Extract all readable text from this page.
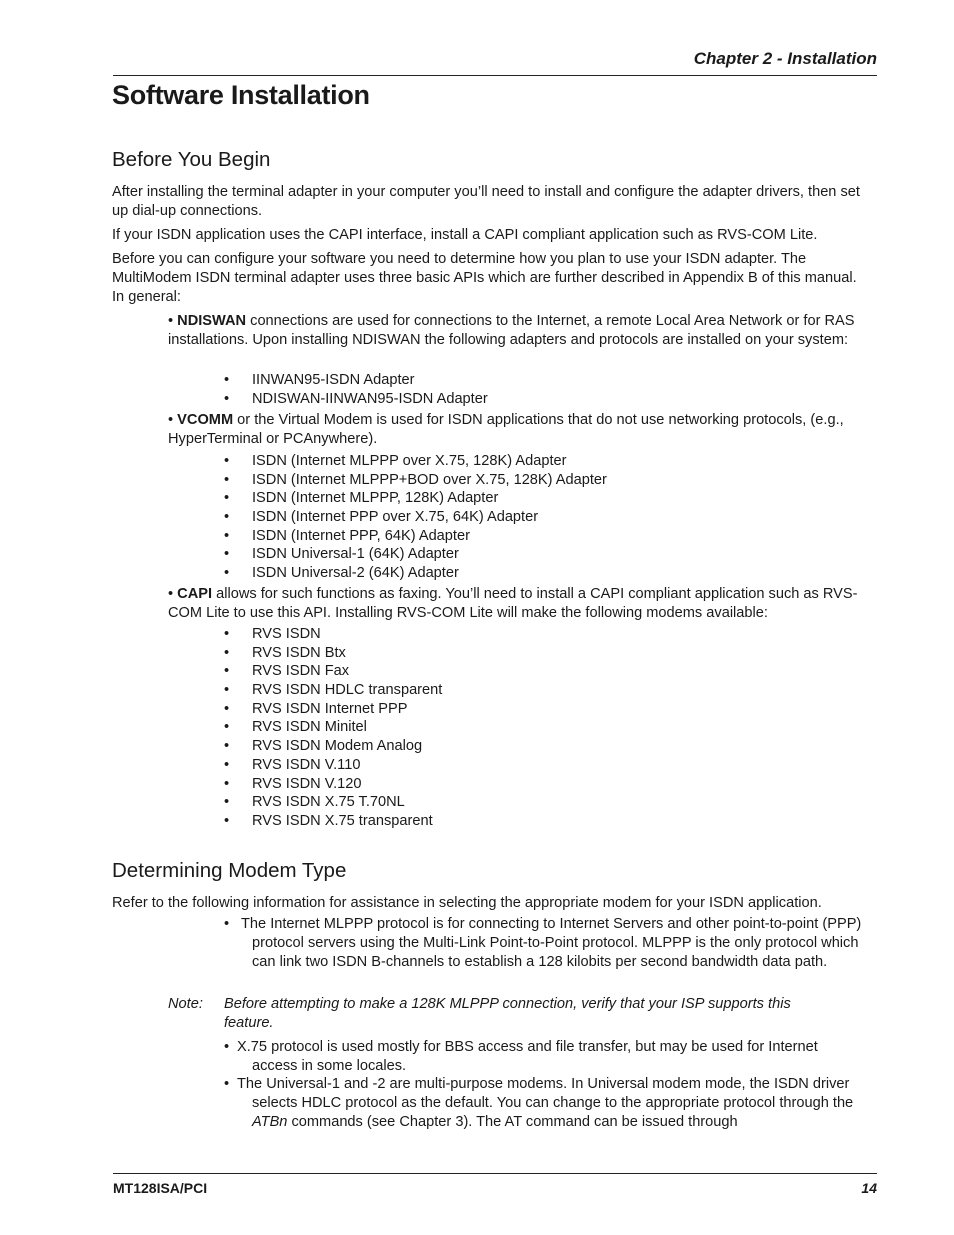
Chapter 2 - Installation
Software Installation
Before You Begin

After installing the terminal adapter in your computer you’ll need to install and configure the adapter drivers, then set up dial-up connections.

If your ISDN application uses the CAPI interface, install a CAPI compliant application such as RVS-COM Lite.

Before you can configure your software you need to determine how you plan to use your ISDN adapter. The MultiModem ISDN terminal adapter uses three basic APIs which are further described in Appendix B of this manual. In general:

• NDISWAN connections are used for connections to the Internet, a remote Local Area Network or for RAS installations. Upon installing NDISWAN the following adapters and protocols are installed on your system:

• IINWAN95-ISDN Adapter
• NDISWAN-IINWAN95-ISDN Adapter

• VCOMM or the Virtual Modem is used for ISDN applications that do not use networking protocols, (e.g., HyperTerminal or PCAnywhere).

• ISDN (Internet MLPPP over X.75, 128K) Adapter
• ISDN (Internet MLPPP+BOD over X.75, 128K) Adapter
• ISDN (Internet MLPPP, 128K) Adapter
• ISDN (Internet PPP over X.75, 64K) Adapter
• ISDN (Internet PPP, 64K) Adapter
• ISDN Universal-1 (64K) Adapter
• ISDN Universal-2 (64K) Adapter

• CAPI allows for such functions as faxing. You’ll need to install a CAPI compliant application such as RVS-COM Lite to use this API. Installing RVS-COM Lite will make the following modems available:

• RVS ISDN
• RVS ISDN Btx
• RVS ISDN Fax
• RVS ISDN HDLC transparent
• RVS ISDN Internet PPP
• RVS ISDN Minitel
• RVS ISDN Modem Analog
• RVS ISDN V.110
• RVS ISDN V.120
• RVS ISDN X.75 T.70NL
• RVS ISDN X.75 transparent

Refer to the following information for assistance in selecting the appropriate modem for your ISDN application.

• The Internet MLPPP protocol is for connecting to Internet Servers and other point-to-point (PPP) protocol servers using the Multi-Link Point-to-Point protocol. MLPPP is the only protocol which can link two ISDN B-channels to establish a 128 kilobits per second bandwidth data path.
Note: Before attempting to make a 128K MLPPP connection, verify that your ISP supports this feature.
• X.75 protocol is used mostly for BBS access and file transfer, but may be used for Internet access in some locales.
• The Universal-1 and -2 are multi-purpose modems. In Universal modem mode, the ISDN driver selects HDLC protocol as the default. You can change to the appropriate protocol through the ATBn commands (see Chapter 3). The AT command can be issued through
Determining Modem Type
MT128ISA/PCI	14
